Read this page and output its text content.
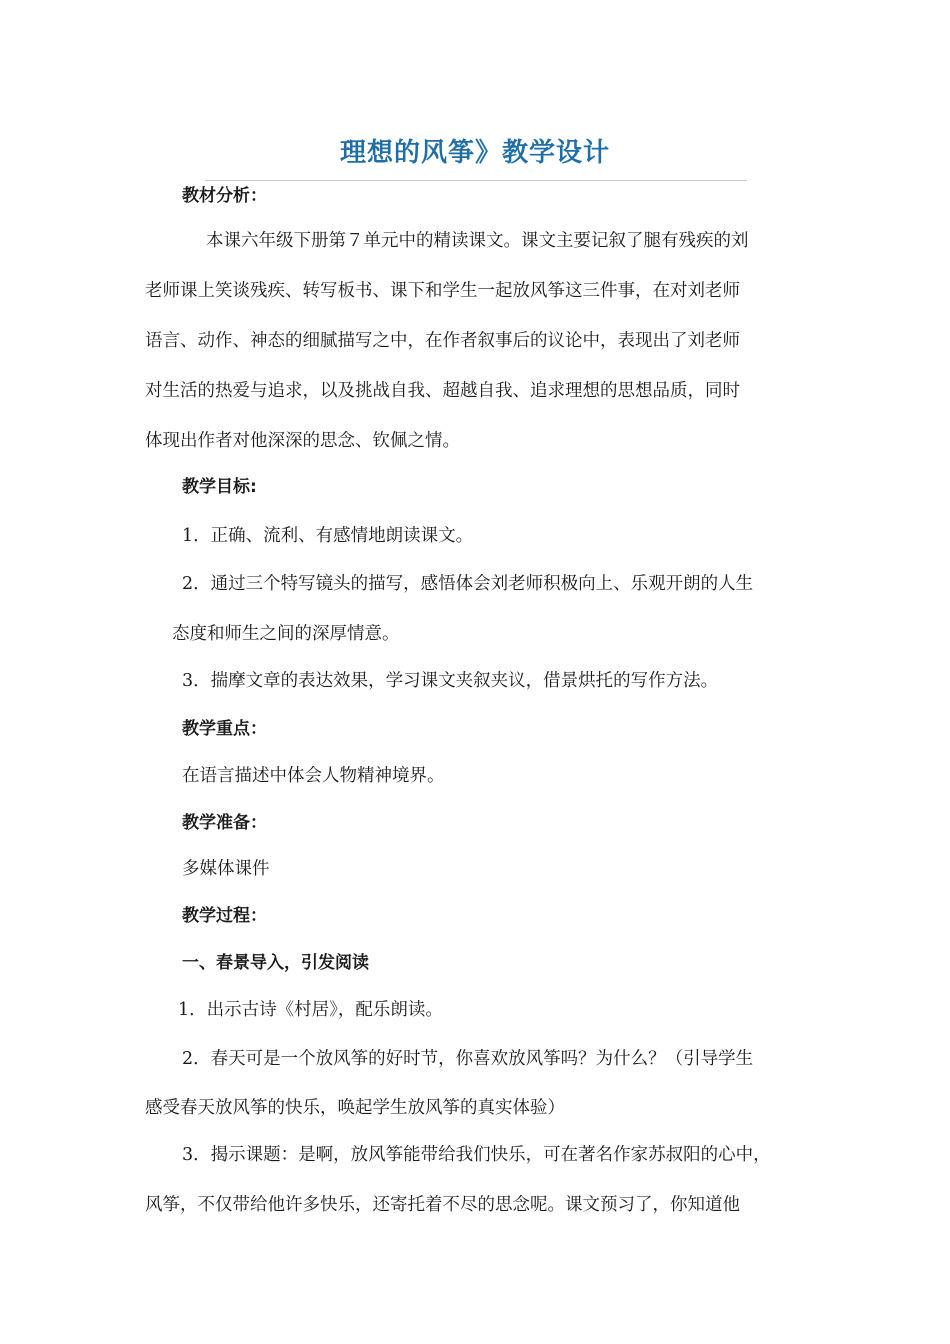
理想的风筝》教学设计
教材分析：
本课六年级下册第７单元中的精读课文。课文主要记叙了腿有残疾的刘
老师课上笑谈残疾、转写板书、课下和学生一起放风筝这三件事，在对刘老师
语言、动作、神态的细腻描写之中，在作者叙事后的议论中，表现出了刘老师
对生活的热爱与追求，以及挑战自我、超越自我、追求理想的思想品质，同时
体现出作者对他深深的思念、钦佩之情。
教学目标:
1．正确、流利、有感情地朗读课文。
2．通过三个特写镜头的描写，感悟体会刘老师积极向上、乐观开朗的人生
态度和师生之间的深厚情意。
3．揣摩文章的表达效果，学习课文夹叙夹议，借景烘托的写作方法。
教学重点：
在语言描述中体会人物精神境界。
教学准备：
多媒体课件
教学过程：
一、春景导入，引发阅读
1．出示古诗《村居》，配乐朗读。
2．春天可是一个放风筝的好时节，你喜欢放风筝吗？为什么？（引导学生
感受春天放风筝的快乐，唤起学生放风筝的真实体验）
3．揭示课题：是啊，放风筝能带给我们快乐，可在著名作家苏叔阳的心中，
风筝，不仅带给他许多快乐，还寄托着不尽的思念呢。课文预习了，你知道他
